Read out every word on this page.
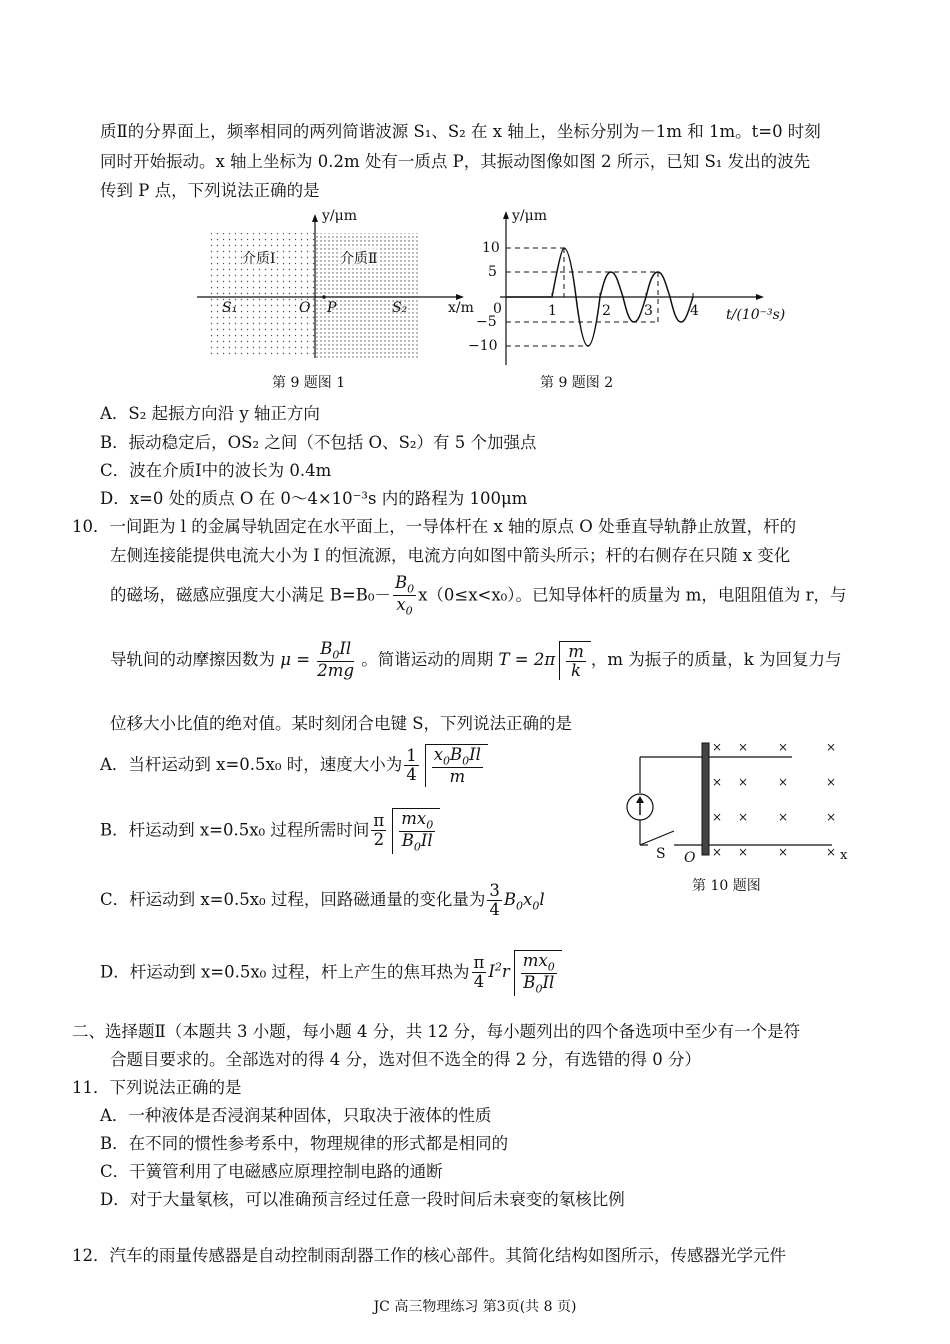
质Ⅱ的分界面上，频率相同的两列简谐波源 S₁、S₂ 在 x 轴上，坐标分别为－1m 和 1m。t=0 时刻
同时开始振动。x 轴上坐标为 0.2m 处有一质点 P，其振动图像如图 2 所示，已知 S₁ 发出的波先
传到 P 点，下列说法正确的是
y/μm
x/m
介质Ⅰ	介质Ⅱ
S₁	O P	S₂
第 9 题图 1
y/μm
10
5
0
−5
−10
1	2 3	4 t/(10⁻³s)
第 9 题图 2
A．S₂ 起振方向沿 y 轴正方向
B．振动稳定后，OS₂ 之间（不包括 O、S₂）有 5 个加强点
C．波在介质Ⅰ中的波长为 0.4m
D．x=0 处的质点 O 在 0～4×10⁻³s 内的路程为 100μm
10．一间距为 l 的金属导轨固定在水平面上，一导体杆在 x 轴的原点 O 处垂直导轨静止放置，杆的
左侧连接能提供电流大小为 I 的恒流源，电流方向如图中箭头所示；杆的右侧存在只随 x 变化
的磁场，磁感应强度大小满足 $B=B_0- \frac{B_0}{x_0} x(0\le x<x_0)$。已知导体杆的质量为 m，电阻阻值为 r，与
导轨间的动摩擦因数为 $\mu = \frac{B_0Il}{2mg}$ 。简谐运动的周期 $T = 2\pi \frac{m}{k}$ ，m 为振子的质量，k 为回复力与
位移大小比值的绝对值。某时刻闭合电键 S，下列说法正确的是
A．当杆运动到 x=0.5x₀ 时，速度大小为 $\frac{1}{4} \frac{x_0B_0Il}{m}$
B．杆运动到 x=0.5x₀ 过程所需时间 $\frac{\pi}{2} \frac{mx_0}{B_0Il}$
C．杆运动到 x=0.5x₀ 过程，回路磁通量的变化量为 $\frac{3}{4} B_0x_0l$
D．杆运动到 x=0.5x₀ 过程，杆上产生的焦耳热为 $\frac{\pi}{4} I^2r \frac{mx_0}{B_0Il}$
× × ×	×
× × ×	×
× × ×	×
× × ×	×
S O	x
第 10 题图
二、选择题Ⅱ（本题共 3 小题，每小题 4 分，共 12 分，每小题列出的四个备选项中至少有一个是符
合题目要求的。全部选对的得 4 分，选对但不选全的得 2 分，有选错的得 0 分）
11．下列说法正确的是
A．一种液体是否浸润某种固体，只取决于液体的性质
B．在不同的惯性参考系中，物理规律的形式都是相同的
C．干簧管利用了电磁感应原理控制电路的通断
D．对于大量氡核，可以准确预言经过任意一段时间后未衰变的氡核比例
12．汽车的雨量传感器是自动控制雨刮器工作的核心部件。其简化结构如图所示，传感器光学元件
JC 高三物理练习 第3页(共 8 页)
